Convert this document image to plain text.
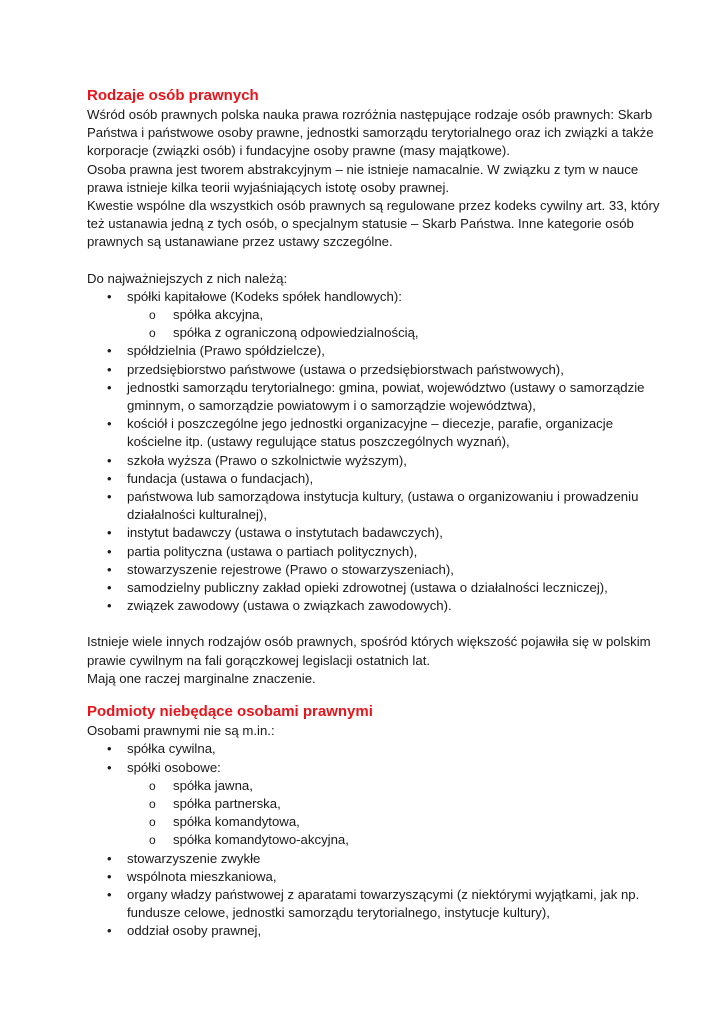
Rodzaje osób prawnych

Wśród osób prawnych polska nauka prawa rozróżnia następujące rodzaje osób prawnych: Skarb Państwa i państwowe osoby prawne, jednostki samorządu terytorialnego oraz ich związki a także korporacje (związki osób) i fundacyjne osoby prawne (masy majątkowe).

Osoba prawna jest tworem abstrakcyjnym – nie istnieje namacalnie. W związku z tym w nauce prawa istnieje kilka teorii wyjaśniających istotę osoby prawnej.

Kwestie wspólne dla wszystkich osób prawnych są regulowane przez kodeks cywilny art. 33, który też ustanawia jedną z tych osób, o specjalnym statusie – Skarb Państwa. Inne kategorie osób prawnych są ustanawiane przez ustawy szczególne.

Do najważniejszych z nich należą:

• spółki kapitałowe (Kodeks spółek handlowych):
o spółka akcyjna,
o spółka z ograniczoną odpowiedzialnością,
• spółdzielnia (Prawo spółdzielcze),
• przedsiębiorstwo państwowe (ustawa o przedsiębiorstwach państwowych),
• jednostki samorządu terytorialnego: gmina, powiat, województwo (ustawy o samorządzie gminnym, o samorządzie powiatowym i o samorządzie województwa),
• kościół i poszczególne jego jednostki organizacyjne – diecezje, parafie, organizacje kościelne itp. (ustawy regulujące status poszczególnych wyznań),
• szkoła wyższa (Prawo o szkolnictwie wyższym),
• fundacja (ustawa o fundacjach),
• państwowa lub samorządowa instytucja kultury, (ustawa o organizowaniu i prowadzeniu działalności kulturalnej),
• instytut badawczy (ustawa o instytutach badawczych),
• partia polityczna (ustawa o partiach politycznych),
• stowarzyszenie rejestrowe (Prawo o stowarzyszeniach),
• samodzielny publiczny zakład opieki zdrowotnej (ustawa o działalności leczniczej),
• związek zawodowy (ustawa o związkach zawodowych).

Istnieje wiele innych rodzajów osób prawnych, spośród których większość pojawiła się w polskim prawie cywilnym na fali gorączkowej legislacji ostatnich lat.

Mają one raczej marginalne znaczenie.

Podmioty niebędące osobami prawnymi

Osobami prawnymi nie są m.in.:

• spółka cywilna,
• spółki osobowe:
o spółka jawna,
o spółka partnerska,
o spółka komandytowa,
o spółka komandytowo-akcyjna,
• stowarzyszenie zwykłe
• wspólnota mieszkaniowa,
• organy władzy państwowej z aparatami towarzyszącymi (z niektórymi wyjątkami, jak np. fundusze celowe, jednostki samorządu terytorialnego, instytucje kultury),
• oddział osoby prawnej,
